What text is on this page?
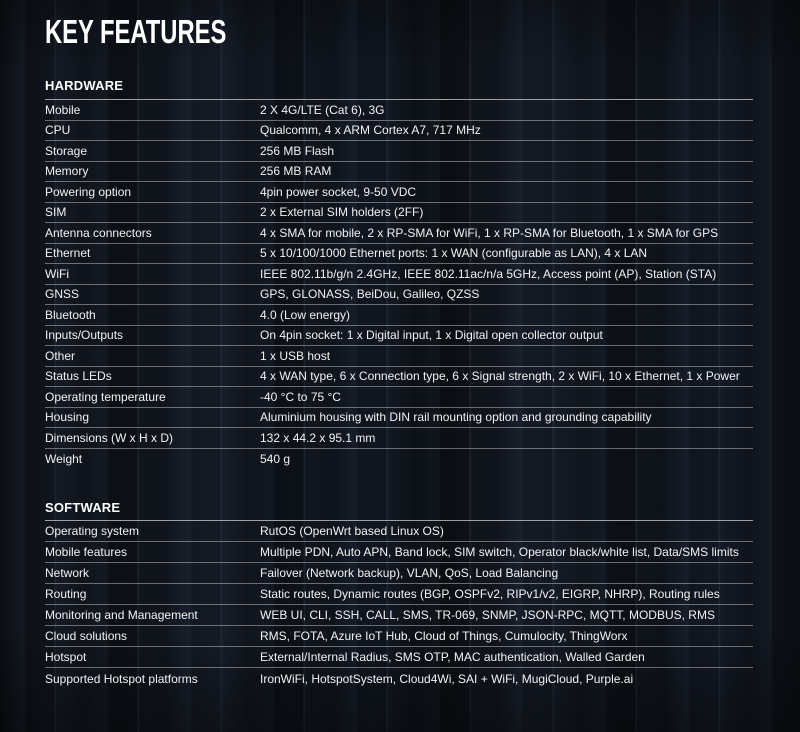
KEY FEATURES
HARDWARE
Mobile	2 X 4G/LTE (Cat 6), 3G
CPU	Qualcomm, 4 x ARM Cortex A7, 717 MHz
Storage	256 MB Flash
Memory	256 MB RAM
Powering option	4pin power socket, 9-50 VDC
SIM	2 x External SIM holders (2FF)
Antenna connectors	4 x SMA for mobile, 2 x RP-SMA for WiFi, 1 x RP-SMA for Bluetooth, 1 x SMA for GPS
Ethernet	5 x 10/100/1000 Ethernet ports: 1 x WAN (configurable as LAN), 4 x LAN
WiFi	IEEE 802.11b/g/n 2.4GHz, IEEE 802.11ac/n/a 5GHz, Access point (AP), Station (STA)
GNSS	GPS, GLONASS, BeiDou, Galileo, QZSS
Bluetooth	4.0 (Low energy)
Inputs/Outputs	On 4pin socket: 1 x Digital input, 1 x Digital open collector output
Other	1 x USB host
Status LEDs	4 x WAN type, 6 x Connection type, 6 x Signal strength, 2 x WiFi, 10 x Ethernet, 1 x Power
Operating temperature	-40 °C to 75 °C
Housing	Aluminium housing with DIN rail mounting option and grounding capability
Dimensions (W x H x D)	132 x 44.2 x 95.1 mm
Weight	540 g
SOFTWARE
Operating system	RutOS (OpenWrt based Linux OS)
Mobile features	Multiple PDN, Auto APN, Band lock, SIM switch, Operator black/white list, Data/SMS limits
Network	Failover (Network backup), VLAN, QoS, Load Balancing
Routing	Static routes, Dynamic routes (BGP, OSPFv2, RIPv1/v2, EIGRP, NHRP), Routing rules
Monitoring and Management	WEB UI, CLI, SSH, CALL, SMS, TR-069, SNMP, JSON-RPC, MQTT, MODBUS, RMS
Cloud solutions	RMS, FOTA, Azure IoT Hub, Cloud of Things, Cumulocity, ThingWorx
Hotspot	External/Internal Radius, SMS OTP, MAC authentication, Walled Garden
Supported Hotspot platforms	IronWiFi, HotspotSystem, Cloud4Wi, SAI + WiFi, MugiCloud, Purple.ai
